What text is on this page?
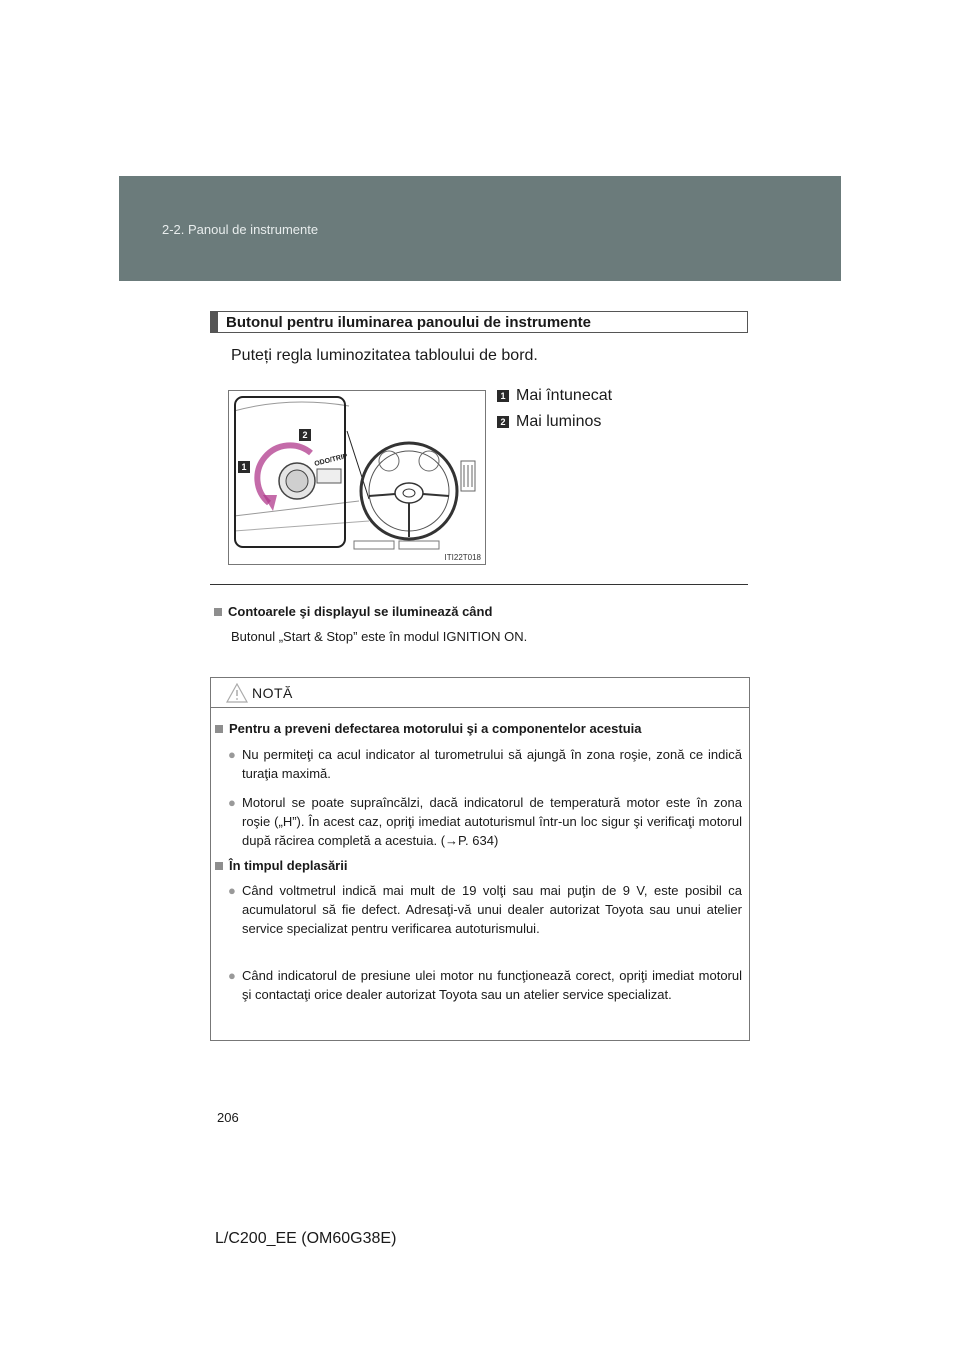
2-2. Panoul de instrumente
Butonul pentru iluminarea panoului de instrumente
Puteți regla luminozitatea tabloului de bord.
ODO/TRIP
2
1
ITI22T018
1 Mai întunecat
2 Mai luminos
Contoarele şi displayul se iluminează când
Butonul „Start & Stop” este în modul IGNITION ON.
NOTĂ
Pentru a preveni defectarea motorului şi a componentelor acestuia
● Nu permiteţi ca acul indicator al turometrului să ajungă în zona roşie, zonă ce indică turaţia maximă.
● Motorul se poate supraîncălzi, dacă indicatorul de temperatură motor este în zona roşie („H”). În acest caz, opriţi imediat autoturismul într-un loc sigur şi verificaţi motorul după răcirea completă a acestuia. (→P. 634)
În timpul deplasării
● Când voltmetrul indică mai mult de 19 volţi sau mai puţin de 9 V, este posibil ca acumulatorul să fie defect. Adresaţi-vă unui dealer autorizat Toyota sau unui atelier service specializat pentru verificarea autoturismului.
● Când indicatorul de presiune ulei motor nu funcţionează corect, opriţi imediat motorul şi contactaţi orice dealer autorizat Toyota sau un atelier service specializat.
206
L/C200_EE (OM60G38E)
